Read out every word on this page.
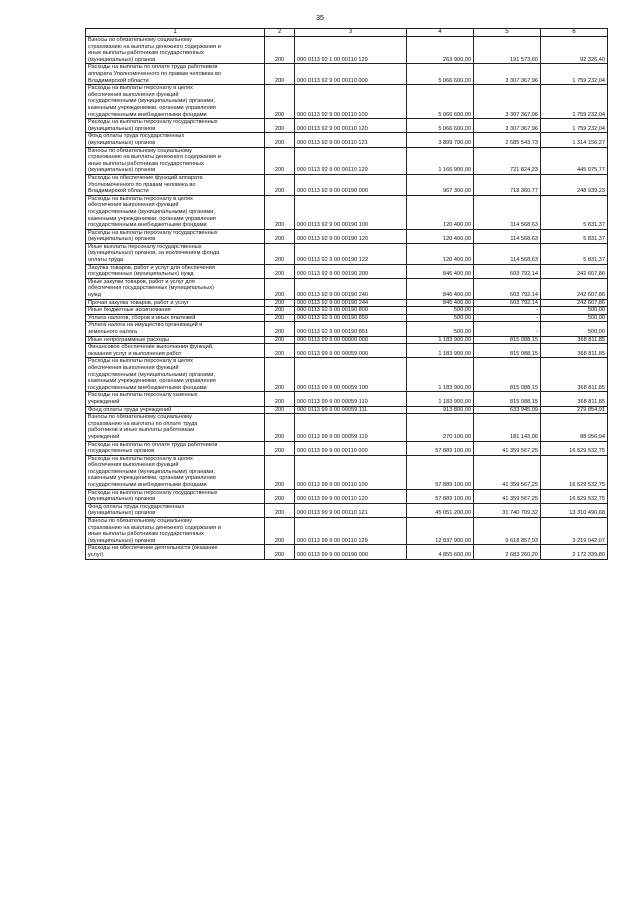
35
1	2	3	4	5	6
Взносы по обязательному социальному
страхованию на выплаты денежного содержания и
иные выплаты работникам государственных
(муниципальных) органов	200	000 0113 92 1 00 00110 129	263 900,00	191 573,60	92 326,40
Расходы на выплаты по оплате труда работников
аппарата Уполномоченного по правам человека во
Владимирской области	200	000 0113 92 9 00 00110 000	5 066 600,00	3 307 367,96	1 759 232,04
Расходы на выплаты персоналу в целях
обеспечения выполнения функций
государственными (муниципальными) органами,
казенными учреждениями, органами управления
государственными внебюджетными фондами	200	000 0113 92 9 00 00110 100	5 066 600,00	3 307 367,96	1 759 232,04
Расходы на выплаты персоналу государственных
(муниципальных) органов	200	000 0113 92 9 00 00110 120	5 066 600,00	3 307 367,96	1 759 232,04
Фонд оплаты труда государственных
(муниципальных) органов	200	000 0113 92 9 00 00110 121	3 899 700,00	2 585 543,73	1 314 156,27
Взносы по обязательному социальному
страхованию на выплаты денежного содержания и
иные выплаты работникам государственных
(муниципальных) органов	200	000 0113 92 9 00 00110 129	1 166 900,00	721 824,23	445 075,77
Расходы на обеспечение функций аппарата
Уполномоченного по правам человека во
Владимирской области	200	000 0113 92 9 00 00190 000	967 300,00	718 360,77	248 939,23
Расходы на выплаты персоналу в целях
обеспечения выполнения функций
государственными (муниципальными) органами,
казенными учреждениями, органами управления
государственными внебюджетными фондами	200	000 0113 92 9 00 00190 100	120 400,00	114 568,63	5 831,37
Расходы на выплаты персоналу государственных
(муниципальных) органов	200	000 0113 92 9 00 00190 120	120 400,00	114 568,63	5 831,37
Иные выплаты персоналу государственных
(муниципальных) органов, за исключением фонда
оплаты труда	200	000 0113 92 9 00 00190 122	120 400,00	114 568,63	5 831,37
Закупка товаров, работ и услуг для обеспечения
государственных (муниципальных) нужд	200	000 0113 92 9 00 00190 200	846 400,00	603 792,14	242 607,86
Иные закупки товаров, работ и услуг для
обеспечения государственных (муниципальных)
нужд	200	000 0113 92 9 00 00190 240	846 400,00	603 792,14	242 607,86
Прочая закупка товаров, работ и услуг	200	000 0113 92 9 00 00190 244	845 400,00	603 792,14	242 607,86
Иные бюджетные ассигнования	200	000 0113 92 9 00 00190 800	500,00	-	500,00
Уплата налогов, сборов и иных платежей	200	000 0113 92 9 00 00190 850	500,00	-	500,00
Уплата налога на имущество организаций и
земельного налога	200	000 0113 92 9 00 00190 851	500,00	-	500,00
Иные непрограммные расходы	200	000 0113 99 9 00 00000 000	1 183 900,00	815 088,15	368 811,85
Финансовое обеспечение выполнения функций,
оказания услуг и выполнения работ	200	000 0113 99 9 00 00059 000	1 183 900,00	815 088,15	368 811,85
Расходы на выплаты персоналу в целях
обеспечения выполнения функций
государственными (муниципальными) органами,
казенными учреждениями, органами управления
государственными внебюджетными фондами	200	000 0113 99 9 00 00059 100	1 183 900,00	815 088,15	368 811,85
Расходы на выплаты персоналу казенных
учреждений	200	000 0113 99 9 00 00059 110	1 183 900,00	815 088,15	368 811,85
Фонд оплаты труда учреждений	200	000 0113 99 9 00 00059 111	913 800,00	633 945,09	279 854,91
Взносы по обязательному социальному
страхованию на выплаты по оплате труда
работников и иные выплаты работникам
учреждений	200	000 0113 99 9 00 00059 119	270 100,00	181 143,06	88 956,94
Расходы на выплаты по оплате труда работников
государственных органов	200	000 0113 99 9 00 00110 000	57 889 100,00	41 359 567,25	16 529 532,75
Расходы на выплаты персоналу в целях
обеспечения выполнения функций
государственными (муниципальными) органами,
казенными учреждениями, органами управления
государственными внебюджетными фондами	200	000 0113 99 9 00 00110 100	57 889 100,00	41 359 567,25	16 529 532,75
Расходы на выплаты персоналу государственных
(муниципальных) органов	200	000 0113 99 9 00 00110 120	57 889 100,00	41 359 567,25	16 529 532,75
Фонд оплаты труда государственных
(муниципальных) органов	200	000 0113 99 9 00 00110 121	45 051 200,00	31 740 709,32	13 310 490,68
Взносы по обязательному социальному
страхованию на выплаты денежного содержания и
иные выплаты работникам государственных
(муниципальных) органов	200	000 0113 99 9 00 00110 129	12 837 900,00	9 618 857,93	3 219 042,07
Расходы на обеспечение деятельности (оказание
услуг)	200	000 0113 99 9 00 00190 000	4 855 600,00	2 683 260,20	2 172 339,80
